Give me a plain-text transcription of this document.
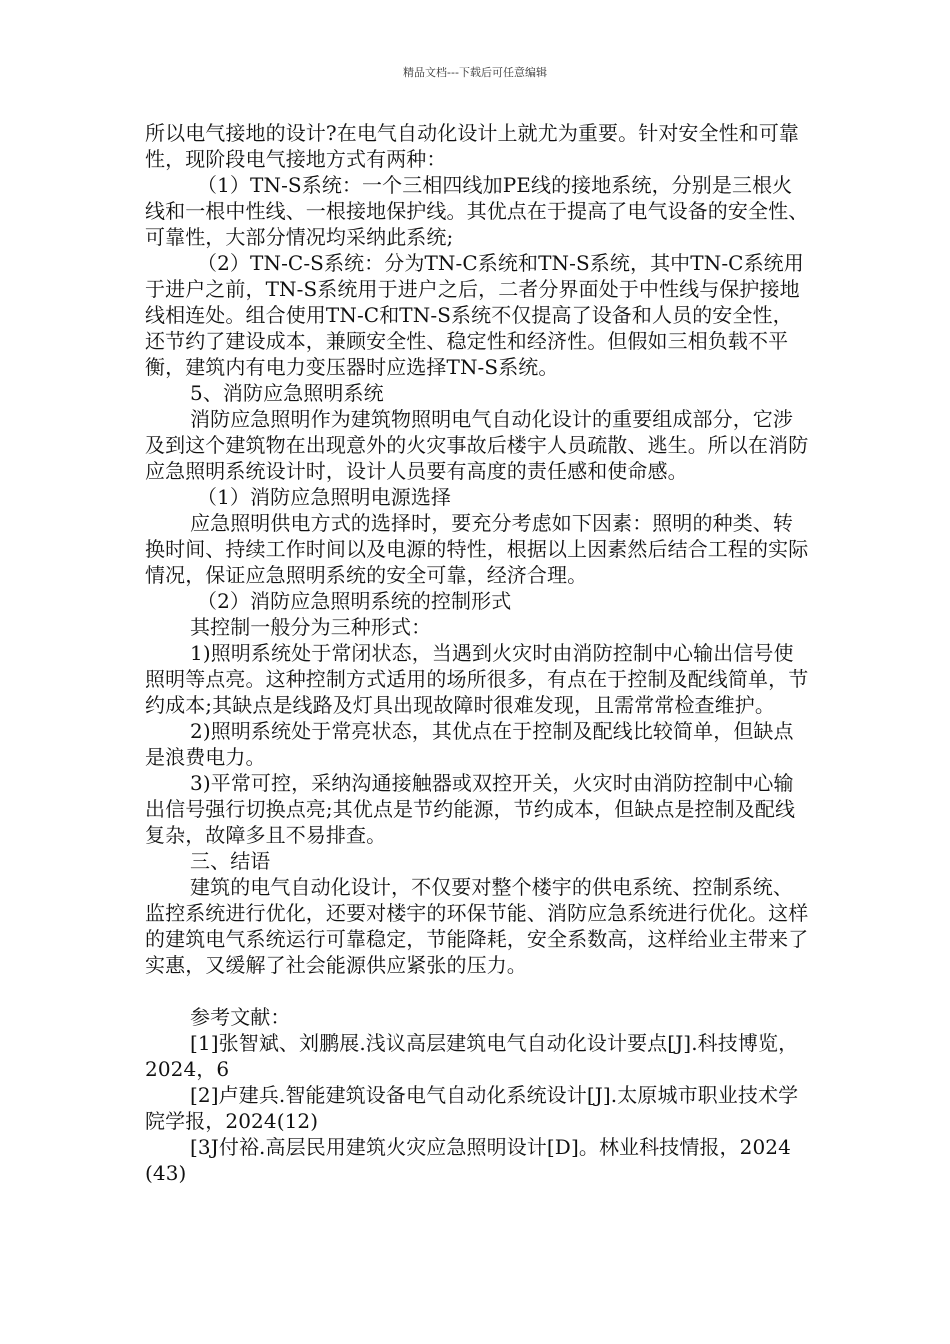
精品文档---下载后可任意编辑

所以电气接地的设计?在电气自动化设计上就尤为重要。针对安全性和可靠性，现阶段电气接地方式有两种：

（1）TN-S系统：一个三相四线加PE线的接地系统，分别是三根火线和一根中性线、一根接地保护线。其优点在于提高了电气设备的安全性、可靠性，大部分情况均采纳此系统;

（2）TN-C-S系统：分为TN-C系统和TN-S系统，其中TN-C系统用于进户之前，TN-S系统用于进户之后，二者分界面处于中性线与保护接地线相连处。组合使用TN-C和TN-S系统不仅提高了设备和人员的安全性，还节约了建设成本，兼顾安全性、稳定性和经济性。但假如三相负载不平衡，建筑内有电力变压器时应选择TN-S系统。

5、消防应急照明系统

消防应急照明作为建筑物照明电气自动化设计的重要组成部分，它涉及到这个建筑物在出现意外的火灾事故后楼宇人员疏散、逃生。所以在消防应急照明系统设计时，设计人员要有高度的责任感和使命感。

（1）消防应急照明电源选择

应急照明供电方式的选择时，要充分考虑如下因素：照明的种类、转换时间、持续工作时间以及电源的特性，根据以上因素然后结合工程的实际情况，保证应急照明系统的安全可靠，经济合理。

（2）消防应急照明系统的控制形式

其控制一般分为三种形式：

1)照明系统处于常闭状态，当遇到火灾时由消防控制中心输出信号使照明等点亮。这种控制方式适用的场所很多，有点在于控制及配线简单，节约成本;其缺点是线路及灯具出现故障时很难发现，且需常常检查维护。

2)照明系统处于常亮状态，其优点在于控制及配线比较简单，但缺点是浪费电力。

3)平常可控，采纳沟通接触器或双控开关，火灾时由消防控制中心输出信号强行切换点亮;其优点是节约能源，节约成本，但缺点是控制及配线复杂，故障多且不易排查。

三、结语

建筑的电气自动化设计，不仅要对整个楼宇的供电系统、控制系统、监控系统进行优化，还要对楼宇的环保节能、消防应急系统进行优化。这样的建筑电气系统运行可靠稳定，节能降耗，安全系数高，这样给业主带来了实惠，又缓解了社会能源供应紧张的压力。

参考文献：

[1]张智斌、刘鹏展.浅议高层建筑电气自动化设计要点[J].科技博览，2024，6

[2]卢建兵.智能建筑设备电气自动化系统设计[J].太原城市职业技术学院学报，2024(12)

[3J付裕.高层民用建筑火灾应急照明设计[D]。林业科技情报，2024(43)
